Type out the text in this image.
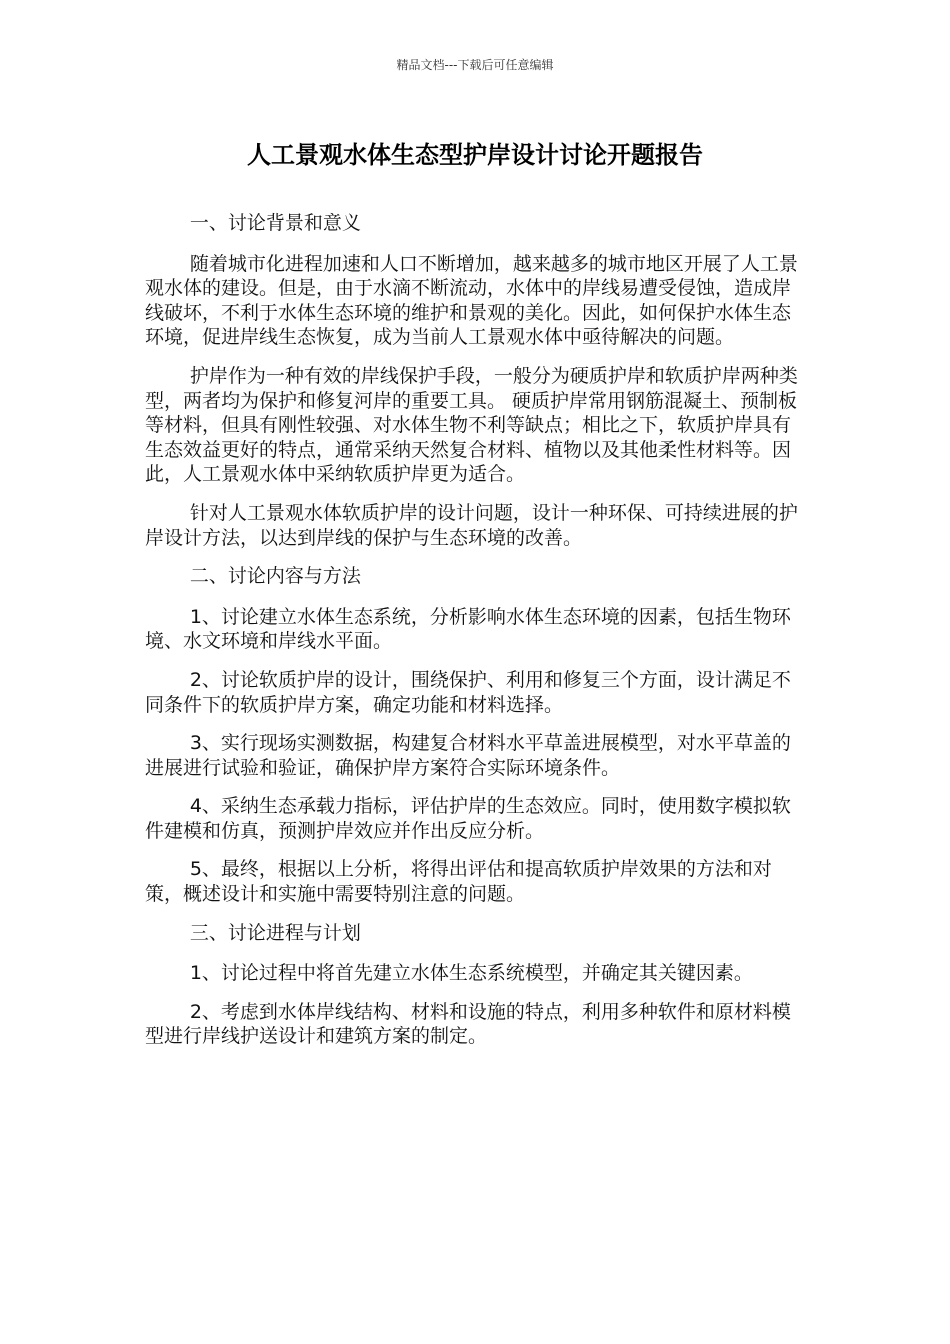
精品文档---下载后可任意编辑
人工景观水体生态型护岸设计讨论开题报告

一、讨论背景和意义

随着城市化进程加速和人口不断增加，越来越多的城市地区开展了人工景观水体的建设。但是，由于水滴不断流动，水体中的岸线易遭受侵蚀，造成岸线破坏，不利于水体生态环境的维护和景观的美化。因此，如何保护水体生态环境，促进岸线生态恢复，成为当前人工景观水体中亟待解决的问题。

护岸作为一种有效的岸线保护手段，一般分为硬质护岸和软质护岸两种类型，两者均为保护和修复河岸的重要工具。 硬质护岸常用钢筋混凝土、预制板等材料，但具有刚性较强、对水体生物不利等缺点；相比之下，软质护岸具有生态效益更好的特点，通常采纳天然复合材料、植物以及其他柔性材料等。因此，人工景观水体中采纳软质护岸更为适合。

针对人工景观水体软质护岸的设计问题，设计一种环保、可持续进展的护岸设计方法，以达到岸线的保护与生态环境的改善。

二、讨论内容与方法

1、讨论建立水体生态系统，分析影响水体生态环境的因素，包括生物环境、水文环境和岸线水平面。

2、讨论软质护岸的设计，围绕保护、利用和修复三个方面，设计满足不同条件下的软质护岸方案，确定功能和材料选择。

3、实行现场实测数据，构建复合材料水平草盖进展模型，对水平草盖的进展进行试验和验证，确保护岸方案符合实际环境条件。

4、采纳生态承载力指标，评估护岸的生态效应。同时，使用数字模拟软件建模和仿真，预测护岸效应并作出反应分析。

5、最终，根据以上分析，将得出评估和提高软质护岸效果的方法和对策，概述设计和实施中需要特别注意的问题。

三、讨论进程与计划

1、讨论过程中将首先建立水体生态系统模型，并确定其关键因素。

2、考虑到水体岸线结构、材料和设施的特点，利用多种软件和原材料模型进行岸线护送设计和建筑方案的制定。
